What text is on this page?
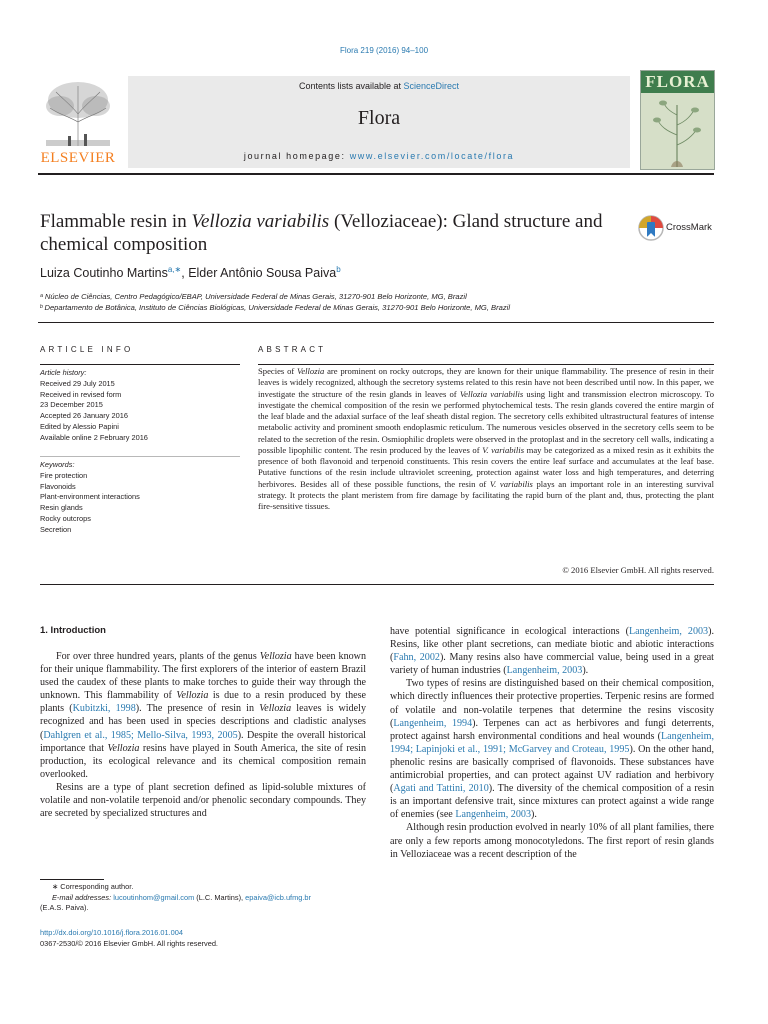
Flora 219 (2016) 94–100
ELSEVIER
Contents lists available at ScienceDirect
Flora
journal homepage: www.elsevier.com/locate/flora
FLORA
Flammable resin in Vellozia variabilis (Velloziaceae): Gland structure and chemical composition
CrossMark
Luiza Coutinho Martins$^{a,∗}$, Elder Antônio Sousa Paiva$^b$
ᵃ Núcleo de Ciências, Centro Pedagógico/EBAP, Universidade Federal de Minas Gerais, 31270-901 Belo Horizonte, MG, Brazil
ᵇ Departamento de Botânica, Instituto de Ciências Biológicas, Universidade Federal de Minas Gerais, 31270-901 Belo Horizonte, MG, Brazil
ARTICLE INFO	ABSTRACT
Article history:
Received 29 July 2015
Received in revised form
23 December 2015
Accepted 26 January 2016
Edited by Alessio Papini
Available online 2 February 2016
Keywords:
Fire protection
Flavonoids
Plant-environment interactions
Resin glands
Rocky outcrops
Secretion
Species of Vellozia are prominent on rocky outcrops, they are known for their unique flammability. The presence of resin in their leaves is widely recognized, although the secretory systems related to this resin have not been described until now. In this paper, we investigate the structure of the resin glands in leaves of Vellozia variabilis using light and transmission electron microscopy. To investigate the chemical composition of the resin we performed phytochemical tests. The resin glands covered the entire margin of the leaf blade and the adaxial surface of the leaf sheath distal region. The secretory cells exhibited ultrastructural features of intense metabolic activity and prominent smooth endoplasmic reticulum. The numerous vesicles observed in the secretory cells seem to be related to the secretion of the resin. Osmiophilic droplets were observed in the protoplast and in the secretory cell walls, indicating a possible lipophilic content. The resin produced by the leaves of V. variabilis may be categorized as a mixed resin as it exhibits the presence of both flavonoid and terpenoid constituents. This resin covers the entire leaf surface and accumulates at the leaf base. Putative functions of the resin include ultraviolet screening, protection against water loss and high temperatures, and deterring herbivores. Besides all of these possible functions, the resin of V. variabilis plays an important role in an interesting survival strategy. It protects the plant meristem from fire damage by facilitating the rapid burn of the plant and, thus, protecting the plant fire-sensitive tissues.
© 2016 Elsevier GmbH. All rights reserved.
1. Introduction

For over three hundred years, plants of the genus Vellozia have been known for their unique flammability. The first explorers of the interior of eastern Brazil used the caudex of these plants to make torches to guide their way through the unknown. This flammability of Vellozia is due to a resin produced by these plants (Kubitzki, 1998). The presence of resin in Vellozia leaves is widely recognized and has been used in species descriptions and cladistic analyses (Dahlgren et al., 1985; Mello-Silva, 1993, 2005). Despite the overall historical importance that Vellozia resins have played in South America, the site of resin production, its ecological relevance and its chemical composition remain overlooked.

Resins are a type of plant secretion defined as lipid-soluble mixtures of volatile and non-volatile terpenoid and/or phenolic secondary compounds. They are secreted by specialized structures and

have potential significance in ecological interactions (Langenheim, 2003). Resins, like other plant secretions, can mediate biotic and abiotic interactions (Fahn, 2002). Many resins also have commercial value, being used in a great variety of human industries (Langenheim, 2003).

Two types of resins are distinguished based on their chemical composition, which directly influences their protective properties. Terpenic resins are formed of volatile and non-volatile terpenes that determine the resins viscosity (Langenheim, 1994). Terpenes can act as herbivores and fungi deterrents, protect against harsh environmental conditions and heal wounds (Langenheim, 1994; Lapinjoki et al., 1991; McGarvey and Croteau, 1995). On the other hand, phenolic resins are basically comprised of flavonoids. These substances have antimicrobial properties, and can protect against UV radiation and herbivory (Agati and Tattini, 2010). The diversity of the chemical composition of a resin is an important defensive trait, since mixtures can protect against a wide range of enemies (see Langenheim, 2003).

Although resin production evolved in nearly 10% of all plant families, there are only a few reports among monocotyledons. The first report of resin glands in Velloziaceae was a recent description of the

∗ Corresponding author.
E-mail addresses: lucoutinhom@gmail.com (L.C. Martins), epaiva@icb.ufmg.br
(E.A.S. Paiva).
http://dx.doi.org/10.1016/j.flora.2016.01.004
0367-2530/© 2016 Elsevier GmbH. All rights reserved.
